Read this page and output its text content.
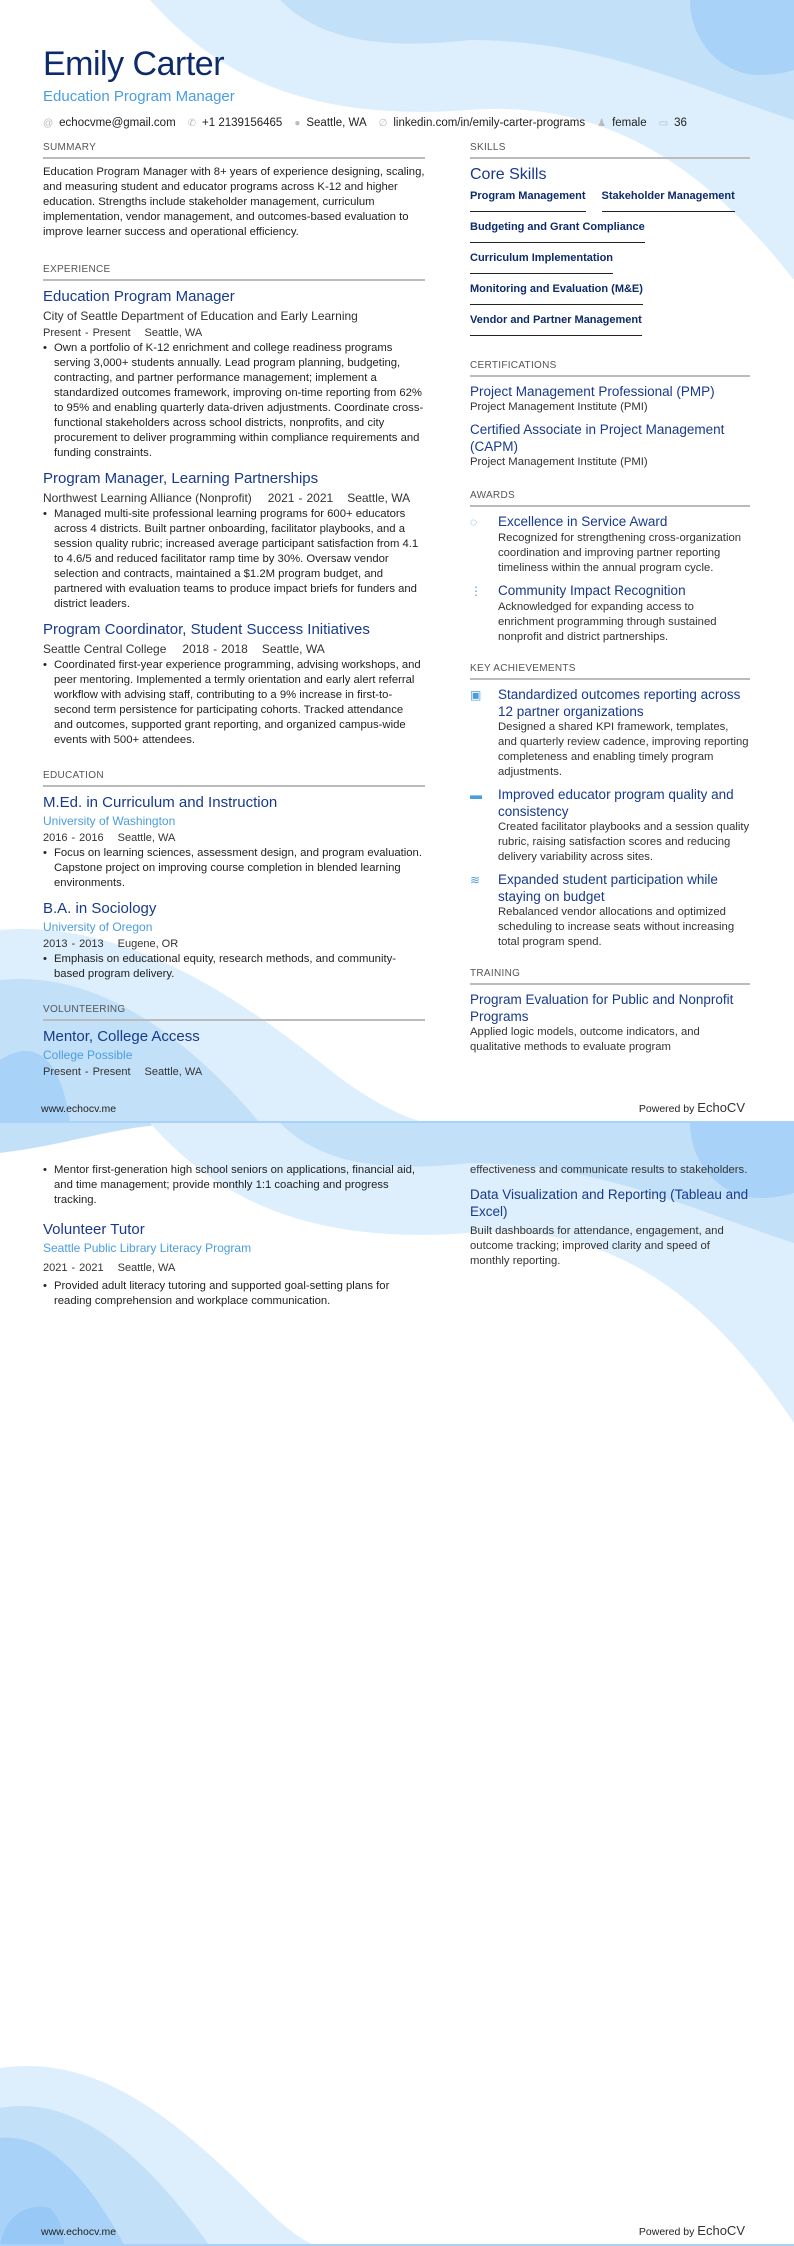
Emily Carter
Education Program Manager
@ echocvme@gmail.com ✆ +1 2139156465 ● Seattle, WA ∅ linkedin.com/in/emily-carter-programs ♟ female ▭ 36
SUMMARY
Education Program Manager with 8+ years of experience designing, scaling, and measuring student and educator programs across K-12 and higher education. Strengths include stakeholder management, curriculum implementation, vendor management, and outcomes-based evaluation to improve learner success and operational efficiency.
EXPERIENCE
Education Program Manager
City of Seattle Department of Education and Early Learning
Present - Present Seattle, WA
• Own a portfolio of K-12 enrichment and college readiness programs serving 3,000+ students annually. Lead program planning, budgeting, contracting, and partner performance management; implement a standardized outcomes framework, improving on-time reporting from 62% to 95% and enabling quarterly data-driven adjustments. Coordinate cross-functional stakeholders across school districts, nonprofits, and city procurement to deliver programming within compliance requirements and funding constraints.
Program Manager, Learning Partnerships
Northwest Learning Alliance (Nonprofit) 2021 - 2021 Seattle, WA
• Managed multi-site professional learning programs for 600+ educators across 4 districts. Built partner onboarding, facilitator playbooks, and a session quality rubric; increased average participant satisfaction from 4.1 to 4.6/5 and reduced facilitator ramp time by 30%. Oversaw vendor selection and contracts, maintained a $1.2M program budget, and partnered with evaluation teams to produce impact briefs for funders and district leaders.
Program Coordinator, Student Success Initiatives
Seattle Central College 2018 - 2018 Seattle, WA
• Coordinated first-year experience programming, advising workshops, and peer mentoring. Implemented a termly orientation and early alert referral workflow with advising staff, contributing to a 9% increase in first-to-second term persistence for participating cohorts. Tracked attendance and outcomes, supported grant reporting, and organized campus-wide events with 500+ attendees.
EDUCATION
M.Ed. in Curriculum and Instruction
University of Washington
2016 - 2016 Seattle, WA
• Focus on learning sciences, assessment design, and program evaluation. Capstone project on improving course completion in blended learning environments.
B.A. in Sociology
University of Oregon
2013 - 2013 Eugene, OR
• Emphasis on educational equity, research methods, and community-based program delivery.
VOLUNTEERING
Mentor, College Access
College Possible
Present - Present Seattle, WA
SKILLS
Core Skills
Program Management Stakeholder Management
Budgeting and Grant Compliance
Curriculum Implementation
Monitoring and Evaluation (M&E)
Vendor and Partner Management
CERTIFICATIONS
Project Management Professional (PMP)
Project Management Institute (PMI)
Certified Associate in Project Management (CAPM)
Project Management Institute (PMI)
AWARDS
◌	Excellence in Service Award
Recognized for strengthening cross-organization coordination and improving partner reporting timeliness within the annual program cycle.
⋮	Community Impact Recognition
Acknowledged for expanding access to enrichment programming through sustained nonprofit and district partnerships.
KEY ACHIEVEMENTS
▣	Standardized outcomes reporting across 12 partner organizations
Designed a shared KPI framework, templates, and quarterly review cadence, improving reporting completeness and enabling timely program adjustments.
▬	Improved educator program quality and consistency
Created facilitator playbooks and a session quality rubric, raising satisfaction scores and reducing delivery variability across sites.
≋	Expanded student participation while staying on budget
Rebalanced vendor allocations and optimized scheduling to increase seats without increasing total program spend.
TRAINING
Program Evaluation for Public and Nonprofit Programs
Applied logic models, outcome indicators, and qualitative methods to evaluate program
www.echocv.me	Powered by EchoCV
• Mentor first-generation high school seniors on applications, financial aid, and time management; provide monthly 1:1 coaching and progress tracking.
Volunteer Tutor
Seattle Public Library Literacy Program
2021 - 2021 Seattle, WA
• Provided adult literacy tutoring and supported goal-setting plans for reading comprehension and workplace communication.
effectiveness and communicate results to stakeholders.
Data Visualization and Reporting (Tableau and Excel)
Built dashboards for attendance, engagement, and outcome tracking; improved clarity and speed of monthly reporting.
www.echocv.me	Powered by EchoCV
